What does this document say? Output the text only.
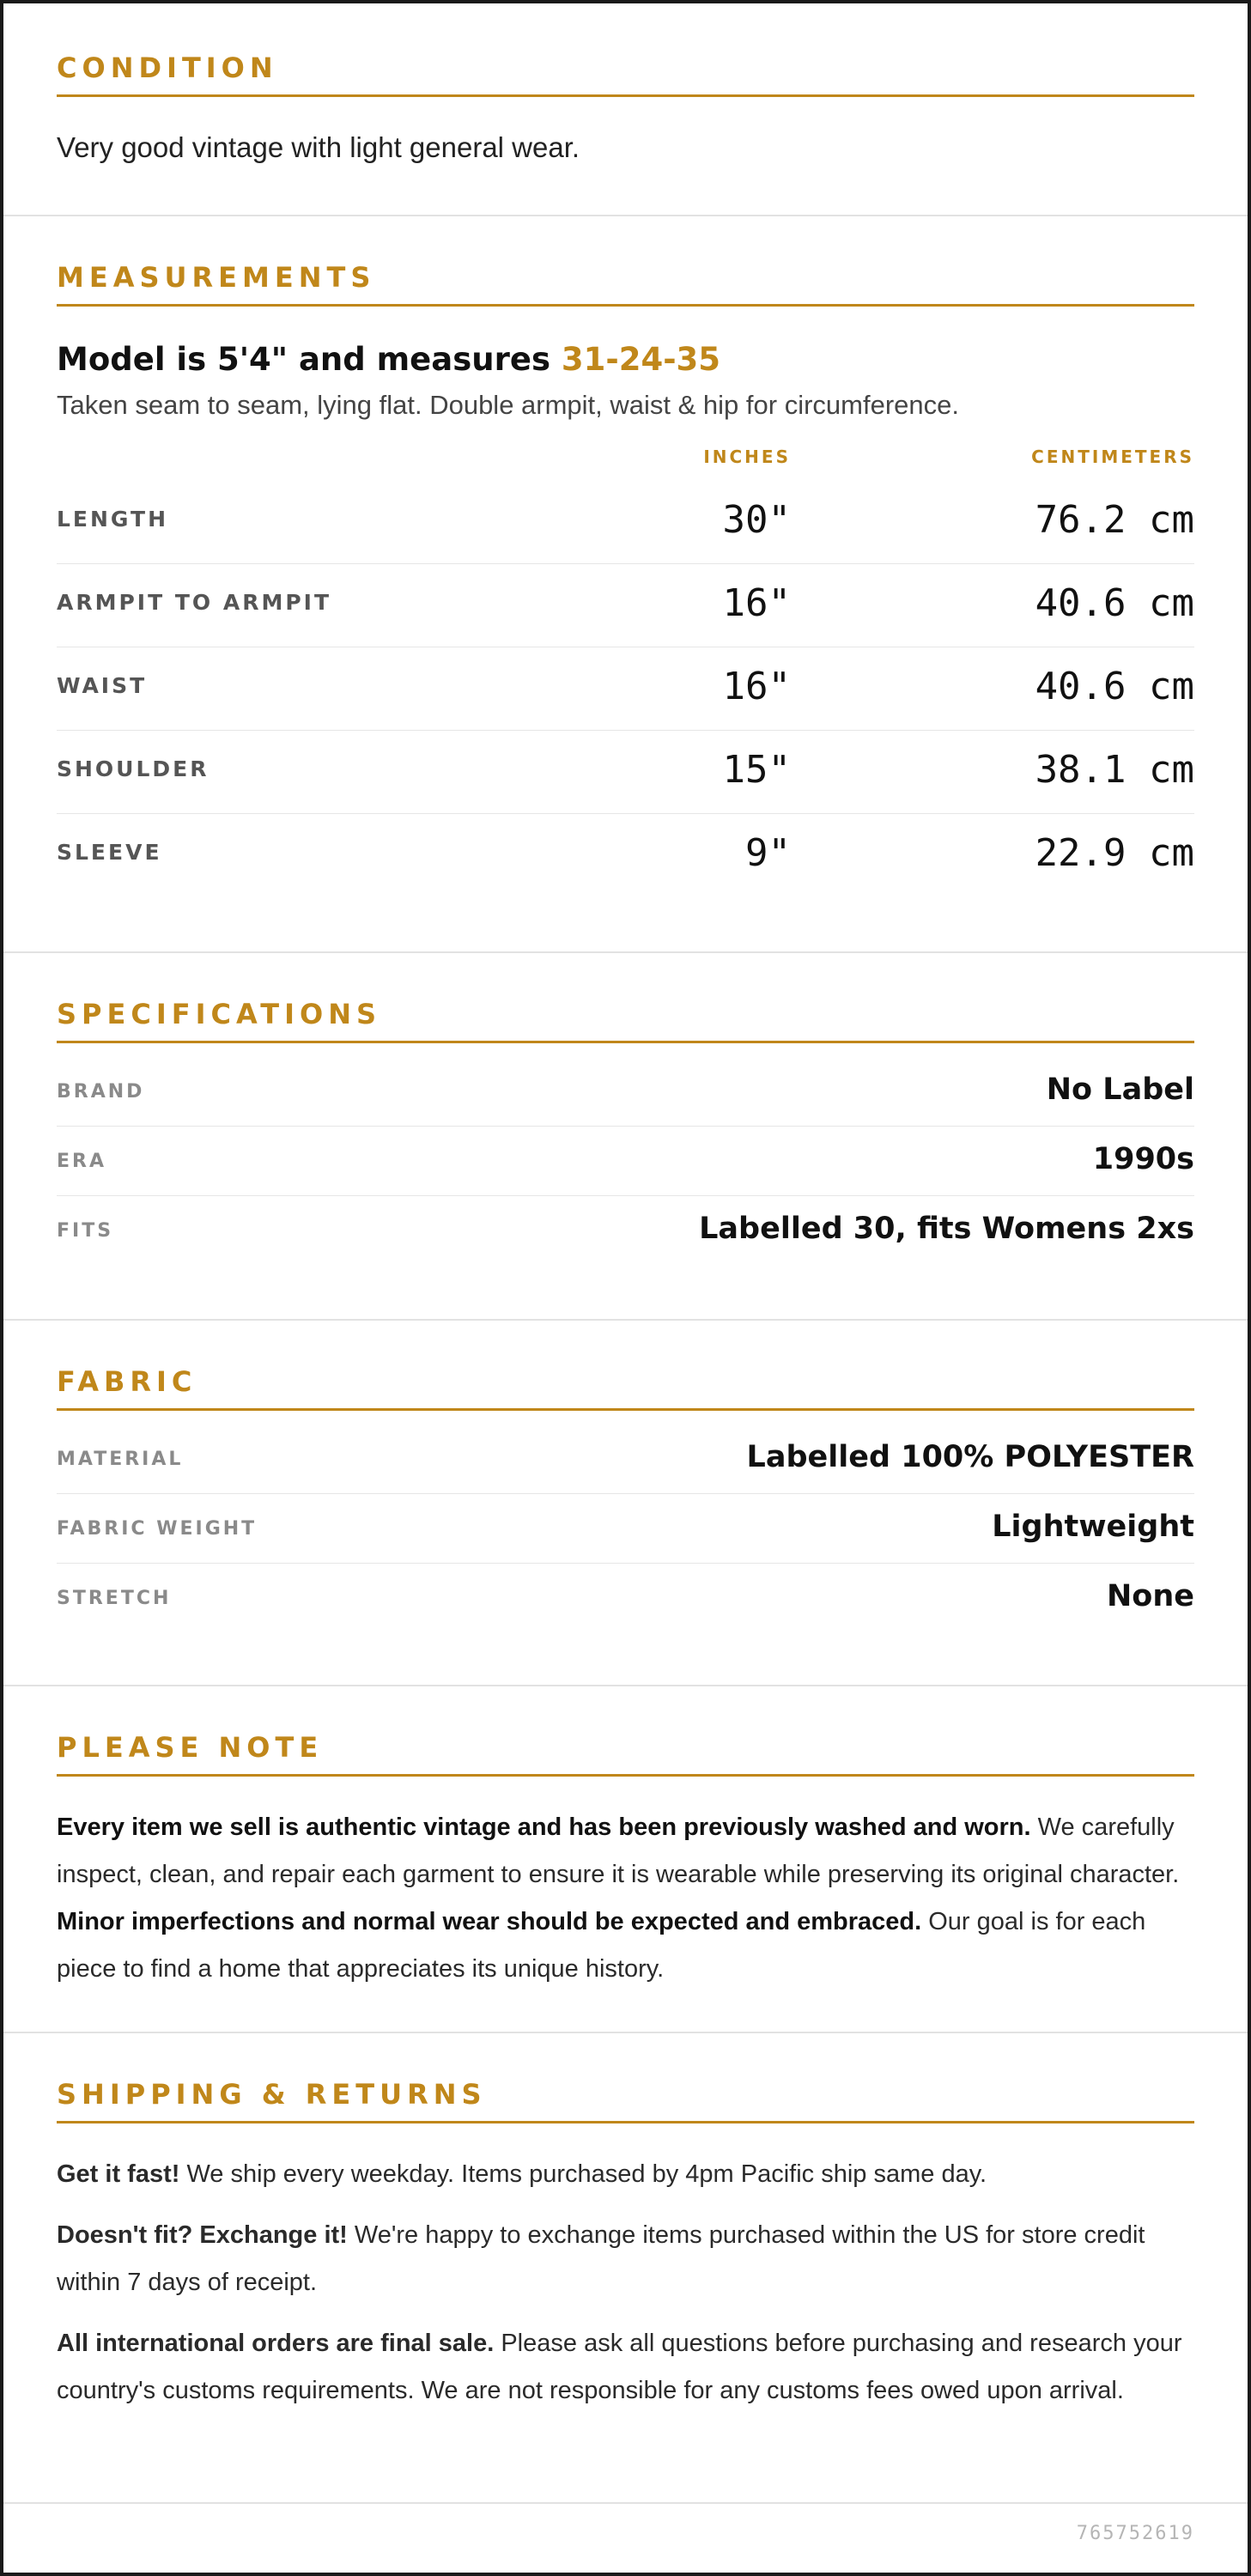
CONDITION
Very good vintage with light general wear.
MEASUREMENTS
Model is 5'4" and measures 31-24-35
Taken seam to seam, lying flat. Double armpit, waist & hip for circumference.
INCHES	CENTIMETERS
LENGTH	30"	76.2 cm
ARMPIT TO ARMPIT	16"	40.6 cm
WAIST	16"	40.6 cm
SHOULDER	15"	38.1 cm
SLEEVE	9"	22.9 cm
SPECIFICATIONS
BRAND	No Label
ERA	1990s
FITS	Labelled 30, fits Womens 2xs
FABRIC
MATERIAL	Labelled 100% POLYESTER
FABRIC WEIGHT	Lightweight
STRETCH	None
PLEASE NOTE

Every item we sell is authentic vintage and has been previously washed and worn. We carefully inspect, clean, and repair each garment to ensure it is wearable while preserving its original character. Minor imperfections and normal wear should be expected and embraced. Our goal is for each piece to find a home that appreciates its unique history.

SHIPPING & RETURNS

Get it fast! We ship every weekday. Items purchased by 4pm Pacific ship same day.

Doesn't fit? Exchange it! We're happy to exchange items purchased within the US for store credit within 7 days of receipt.

All international orders are final sale. Please ask all questions before purchasing and research your country's customs requirements. We are not responsible for any customs fees owed upon arrival.

765752619
